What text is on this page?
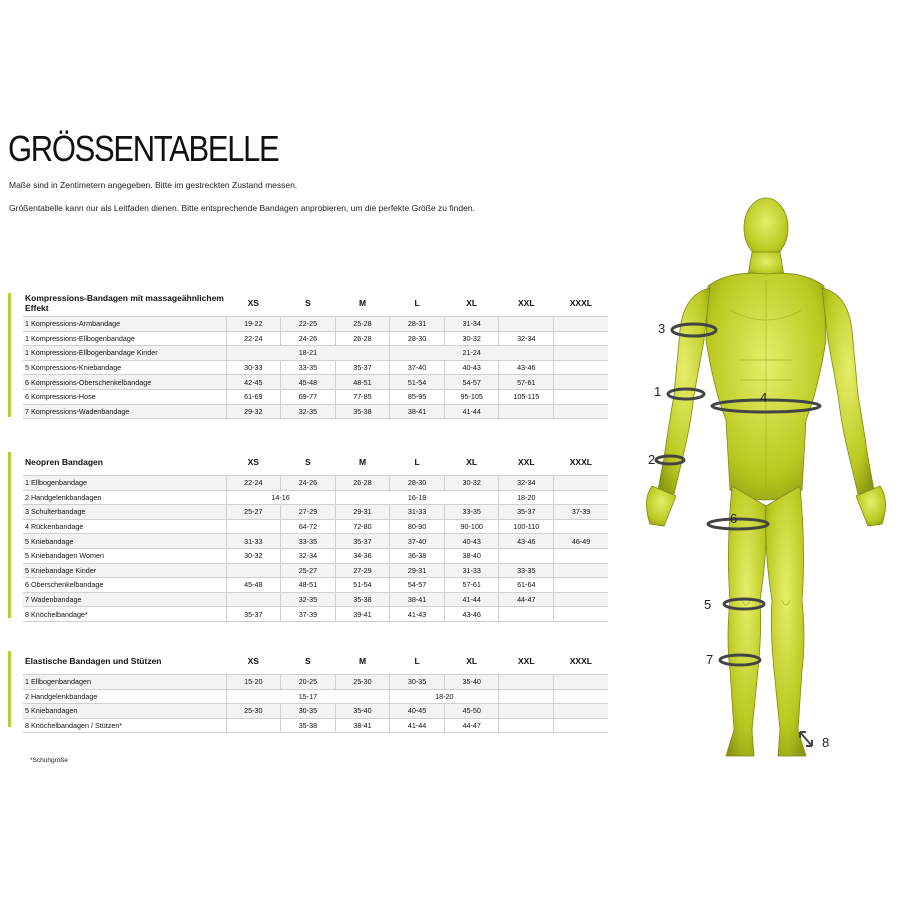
GRÖSSENTABELLE
Maße sind in Zentimetern angegeben. Bitte im gestreckten Zustand messen.
Größentabelle kann nur als Leitfaden dienen. Bitte entsprechende Bandagen anprobieren, um die perfekte Größe zu finden.
Kompressions-Bandagen mit massageähnlichem Effekt	XS	S	M	L	XL	XXL	XXXL
1 Kompressions-Armbandage	19-22	22-25	25-28	28-31	31-34		
1 Kompressions-Ellbogenbandage	22-24	24-26	26-28	28-30	30-32	32-34	
1 Kompressions-Ellbogenbandage Kinder	18-21			21-24			
5 Kompressions-Kniebandage	30-33	33-35	35-37	37-40	40-43	43-46	
6 Kompressions-Oberschenkelbandage	42-45	45-48	48-51	51-54	54-57	57-61	
6 Kompressions-Hose	61-69	69-77	77-85	85-95	95-105	105-115	
7 Kompressions-Wadenbandage	29-32	32-35	35-38	38-41	41-44		
Neopren Bandagen	XS	S	M	L	XL	XXL	XXXL
1 Ellbogenbandage	22-24	24-26	26-28	28-30	30-32	32-34	
2 Handgelenkbandagen	14-16		16-18			18-20	
3 Schulterbandage	25-27	27-29	29-31	31-33	33-35	35-37	37-39
4 Rückenbandage		64-72	72-80	80-90	90-100	100-110	
5 Kniebandage	31-33	33-35	35-37	37-40	40-43	43-46	46-49
5 Kniebandagen Women	30-32	32-34	34-36	36-38	38-40		
5 Kniebandage Kinder		25-27	27-29	29-31	31-33	33-35	
6 Oberschenkelbandage	45-48	48-51	51-54	54-57	57-61	61-64	
7 Wadenbandage		32-35	35-38	38-41	41-44	44-47	
8 Knöchelbandage*	35-37	37-39	39-41	41-43	43-46		
Elastische Bandagen und Stützen	XS	S	M	L	XL	XXL	XXXL
1 Ellbogenbandagen	15-20	20-25	25-30	30-35	35-40		
2 Handgelenkbandage	15-17			18-20			
5 Kniebandagen	25-30	30-35	35-40	40-45	45-50		
8 Knöchelbandagen / Stützen*		35-38	38-41	41-44	44-47		
*Schuhgröße
3
1	4
2
6
5
7
8
